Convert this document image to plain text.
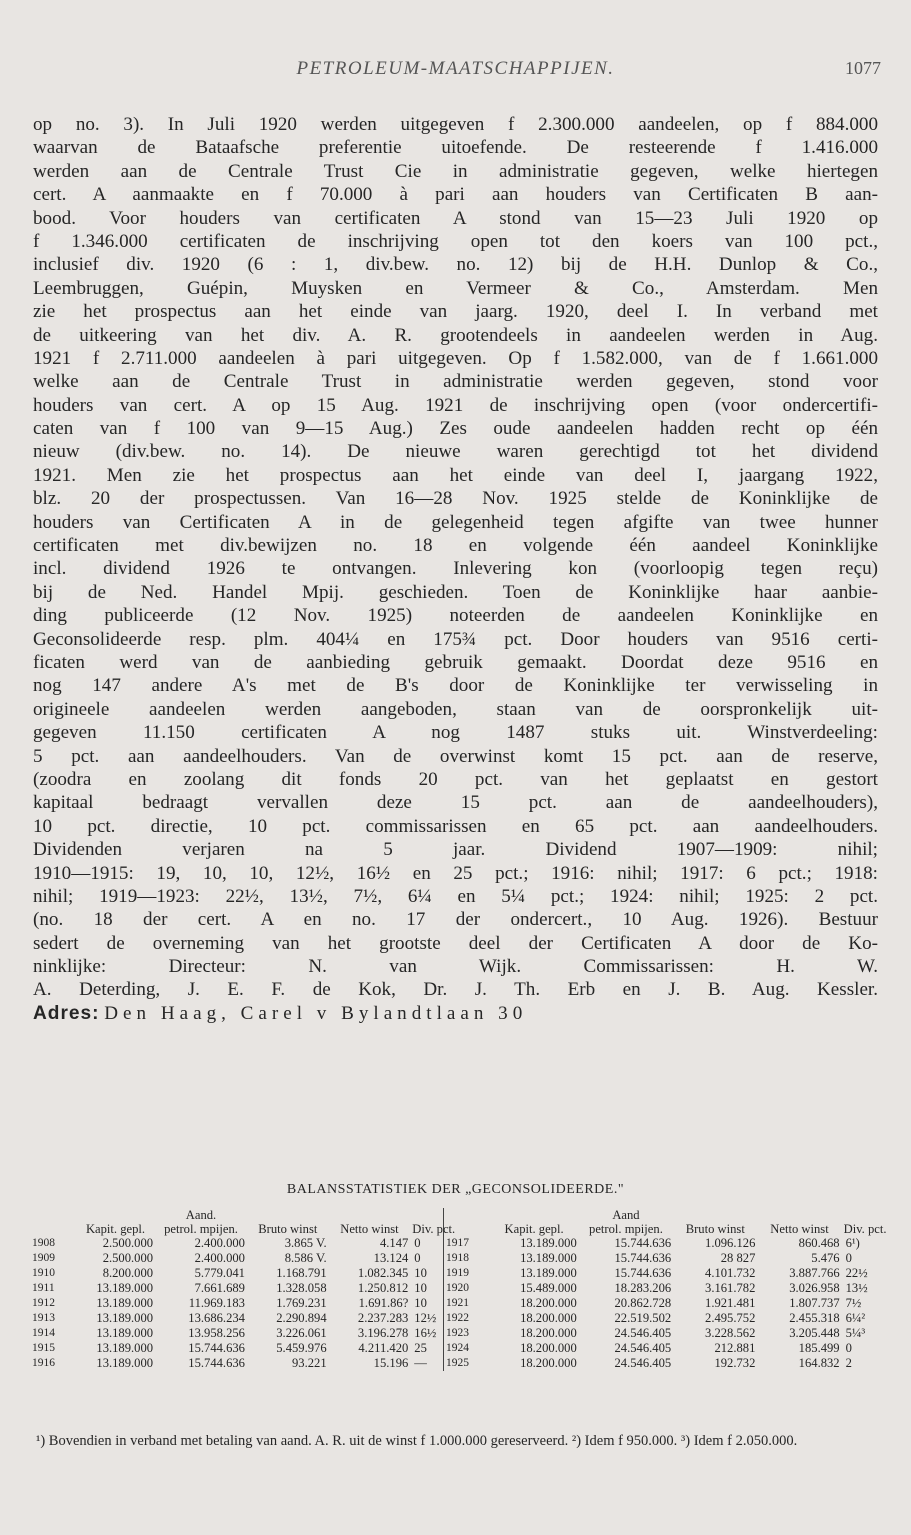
PETROLEUM-MAATSCHAPPIJEN.	1077
op no. 3). In Juli 1920 werden uitgegeven f 2.300.000 aandeelen, op f 884.000
waarvan de Bataafsche preferentie uitoefende. De resteerende f 1.416.000
werden aan de Centrale Trust Cie in administratie gegeven, welke hiertegen
cert. A aanmaakte en f 70.000 à pari aan houders van Certificaten B aan-
bood. Voor houders van certificaten A stond van 15—23 Juli 1920 op
f 1.346.000 certificaten de inschrijving open tot den koers van 100 pct.,
inclusief div. 1920 (6 : 1, div.bew. no. 12) bij de H.H. Dunlop & Co.,
Leembruggen, Guépin, Muysken en Vermeer & Co., Amsterdam. Men
zie het prospectus aan het einde van jaarg. 1920, deel I. In verband met
de uitkeering van het div. A. R. grootendeels in aandeelen werden in Aug.
1921 f 2.711.000 aandeelen à pari uitgegeven. Op f 1.582.000, van de f 1.661.000
welke aan de Centrale Trust in administratie werden gegeven, stond voor
houders van cert. A op 15 Aug. 1921 de inschrijving open (voor ondercertifi-
caten van f 100 van 9—15 Aug.) Zes oude aandeelen hadden recht op één
nieuw (div.bew. no. 14). De nieuwe waren gerechtigd tot het dividend
1921. Men zie het prospectus aan het einde van deel I, jaargang 1922,
blz. 20 der prospectussen. Van 16—28 Nov. 1925 stelde de Koninklijke de
houders van Certificaten A in de gelegenheid tegen afgifte van twee hunner
certificaten met div.bewijzen no. 18 en volgende één aandeel Koninklijke
incl. dividend 1926 te ontvangen. Inlevering kon (voorloopig tegen reçu)
bij de Ned. Handel Mpij. geschieden. Toen de Koninklijke haar aanbie-
ding publiceerde (12 Nov. 1925) noteerden de aandeelen Koninklijke en
Geconsolideerde resp. plm. 404¼ en 175¾ pct. Door houders van 9516 certi-
ficaten werd van de aanbieding gebruik gemaakt. Doordat deze 9516 en
nog 147 andere A's met de B's door de Koninklijke ter verwisseling in
origineele aandeelen werden aangeboden, staan van de oorspronkelijk uit-
gegeven 11.150 certificaten A nog 1487 stuks uit. Winstverdeeling:
5 pct. aan aandeelhouders. Van de overwinst komt 15 pct. aan de reserve,
(zoodra en zoolang dit fonds 20 pct. van het geplaatst en gestort
kapitaal bedraagt vervallen deze 15 pct. aan de aandeelhouders),
10 pct. directie, 10 pct. commissarissen en 65 pct. aan aandeelhouders.
Dividenden verjaren na 5 jaar. Dividend 1907—1909: nihil;
1910—1915: 19, 10, 10, 12½, 16½ en 25 pct.; 1916: nihil; 1917: 6 pct.; 1918:
nihil; 1919—1923: 22½, 13½, 7½, 6¼ en 5¼ pct.; 1924: nihil; 1925: 2 pct.
(no. 18 der cert. A en no. 17 der ondercert., 10 Aug. 1926). Bestuur
sedert de overneming van het grootste deel der Certificaten A door de Ko-
ninklijke: Directeur: N. van Wijk. Commissarissen: H. W.
A. Deterding, J. E. F. de Kok, Dr. J. Th. Erb en J. B. Aug. Kessler.
Adres: Den Haag, Carel v Bylandtlaan 30
BALANSSTATISTIEK DER „GECONSOLIDEERDE."
		Aand.						Aand			
	Kapit. gepl.	petrol. mpijen.	Bruto winst	Netto winst	Div. pct.		Kapit. gepl.	petrol. mpijen.	Bruto winst	Netto winst	Div. pct.
1908	2.500.000	2.400.000	3.865 V.	4.147	0	1917	13.189.000	15.744.636	1.096.126	860.468	6¹)
1909	2.500.000	2.400.000	8.586 V.	13.124	0	1918	13.189.000	15.744.636	28 827	5.476	0
1910	8.200.000	5.779.041	1.168.791	1.082.345	10	1919	13.189.000	15.744.636	4.101.732	3.887.766	22½
1911	13.189.000	7.661.689	1.328.058	1.250.812	10	1920	15.489.000	18.283.206	3.161.782	3.026.958	13½
1912	13.189.000	11.969.183	1.769.231	1.691.86?	10	1921	18.200.000	20.862.728	1.921.481	1.807.737	7½
1913	13.189.000	13.686.234	2.290.894	2.237.283	12½	1922	18.200.000	22.519.502	2.495.752	2.455.318	6¼²
1914	13.189.000	13.958.256	3.226.061	3.196.278	16½	1923	18.200.000	24.546.405	3.228.562	3.205.448	5¼³
1915	13.189.000	15.744.636	5.459.976	4.211.420	25	1924	18.200.000	24.546.405	212.881	185.499	0
1916	13.189.000	15.744.636	93.221	15.196	—	1925	18.200.000	24.546.405	192.732	164.832	2
¹) Bovendien in verband met betaling van aand. A. R. uit de winst f 1.000.000 gereserveerd. ²) Idem f 950.000. ³) Idem f 2.050.000.
